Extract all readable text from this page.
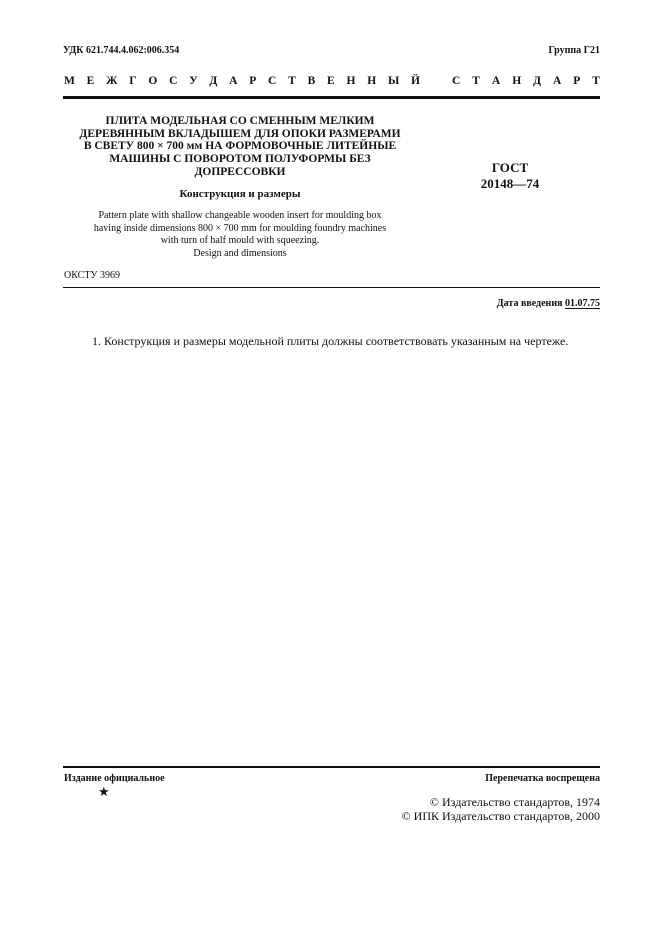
УДК 621.744.4.062:006.354	Группа Г21
М Е Ж Г О С У Д А Р С Т В Е Н Н Ы Й	С Т А Н Д А Р Т
ПЛИТА МОДЕЛЬНАЯ СО СМЕННЫМ МЕЛКИМ
ДЕРЕВЯННЫМ ВКЛАДЫШЕМ ДЛЯ ОПОКИ РАЗМЕРАМИ
В СВЕТУ 800 × 700 мм НА ФОРМОВОЧНЫЕ ЛИТЕЙНЫЕ
МАШИНЫ С ПОВОРОТОМ ПОЛУФОРМЫ БЕЗ
ДОПРЕССОВКИ
Конструкция и размеры
Pattern plate with shallow changeable wooden insert for moulding box
having inside dimensions 800 × 700 mm for moulding foundry machines
with turn of half mould with squeezing.
Design and dimensions
ГОСТ
20148—74
ОКСТУ 3969
Дата введения 01.07.75
1. Конструкция и размеры модельной плиты должны соответствовать указанным на чертеже.
Издание официальное
★
Перепечатка воспрещена
© Издательство стандартов, 1974
© ИПК Издательство стандартов, 2000
